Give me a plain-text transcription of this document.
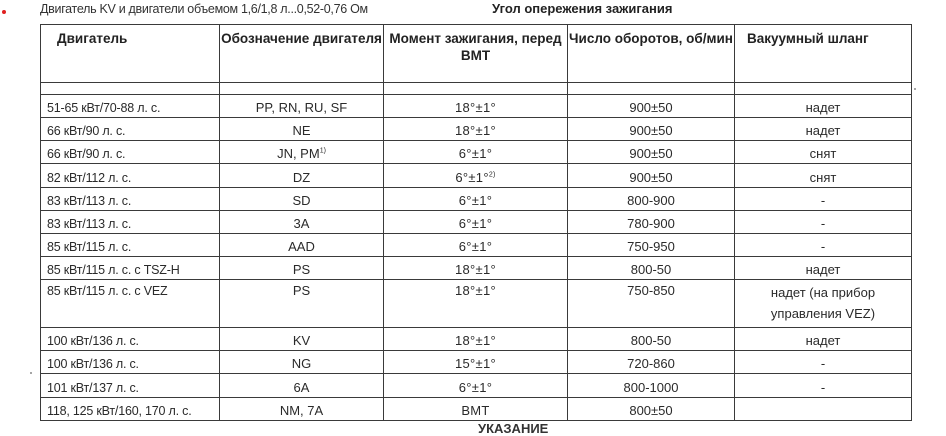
Двигатель KV и двигатели объемом 1,6/1,8 л...0,52-0,76 Ом	Угол опережения зажигания
Двигатель	Обозначение двигателя	Момент зажигания, перед ВМТ	Число оборотов, об/мин	Вакуумный шланг

51-65 кВт/70-88 л. с.	PP, RN, RU, SF	18°±1°	900±50	надет
66 кВт/90 л. с.	NE	18°±1°	900±50	надет
66 кВт/90 л. с.	JN, PM$^{1)}$	6°±1°	900±50	снят
82 кВт/112 л. с.	DZ	6°±1°$^{2)}$	900±50	снят
83 кВт/113 л. с.	SD	6°±1°	800-900	-
83 кВт/113 л. с.	3A	6°±1°	780-900	-
85 кВт/115 л. с.	AAD	6°±1°	750-950	-
85 кВт/115 л. с. с TSZ-H	PS	18°±1°	800-50	надет
85 кВт/115 л. с. с VEZ	PS	18°±1°	750-850	надет (на прибор управления VEZ)
100 кВт/136 л. с.	KV	18°±1°	800-50	надет
100 кВт/136 л. с.	NG	15°±1°	720-860	-
101 кВт/137 л. с.	6A	6°±1°	800-1000	-
118, 125 кВт/160, 170 л. с.	NM, 7A	ВМТ	800±50	
УКАЗАНИЕ
